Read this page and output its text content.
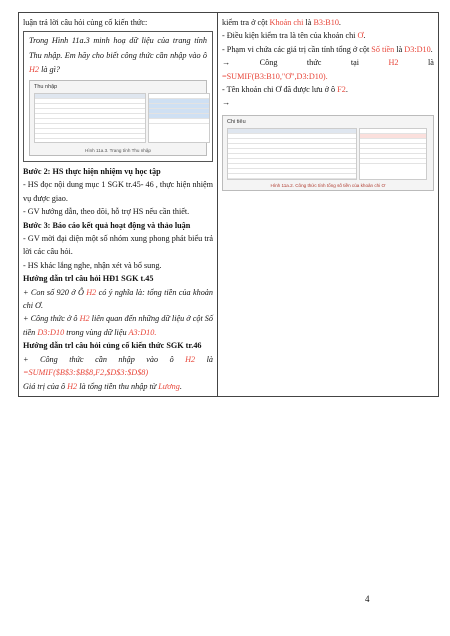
luận trả lời câu hỏi củng cố kiến thức:

Trong Hình 11a.3 minh hoạ dữ liệu của trang tính Thu nhập. Em hãy cho biết công thức cần nhập vào ô H2 là gì?

Thu nhập
Hình 11a.3. Trang tính Thu nhập

Bước 2: HS thực hiện nhiệm vụ học tập

- HS đọc nội dung mục 1 SGK tr.45- 46 , thực hiện nhiệm vụ được giao.

- GV hướng dẫn, theo dõi, hỗ trợ HS nếu cần thiết.

Bước 3: Báo cáo kết quả hoạt động và thảo luận

- GV mời đại diện một số nhóm xung phong phát biểu trả lời các câu hỏi.

- HS khác lắng nghe, nhận xét và bổ sung.

Hướng dẫn trl câu hỏi HĐ1 SGK t.45

+ Con số 920 ở Ô H2 có ý nghĩa là: tổng tiền của khoản chi Ơ.

+ Công thức ở ô H2 liên quan đến những dữ liệu ở cột Số tiền D3:D10 trong vùng dữ liệu A3:D10.

Hướng dẫn trl câu hỏi củng cố kiến thức SGK tr.46

+ Công thức cần nhập vào ô H2 là =SUMIF($B$3:$B$8,F2,$D$3:$D$8)

Giá trị của ô H2 là tổng tiền thu nhập từ Lương.

kiểm tra ở cột Khoản chi là B3:B10.

- Điều kiện kiểm tra là tên của khoản chi Ơ.

- Phạm vi chứa các giá trị cần tính tổng ở cột Số tiền là D3:D10.

→	Công	thức	tại	H2	là

=SUMIF(B3:B10,"Ơ",D3:D10).

- Tên khoản chi Ơ đã được lưu ở ô F2.

→

Chi tiêu
Hình 11a.2. Công thức tính tổng số tiền của khoản chi Ơ
4
